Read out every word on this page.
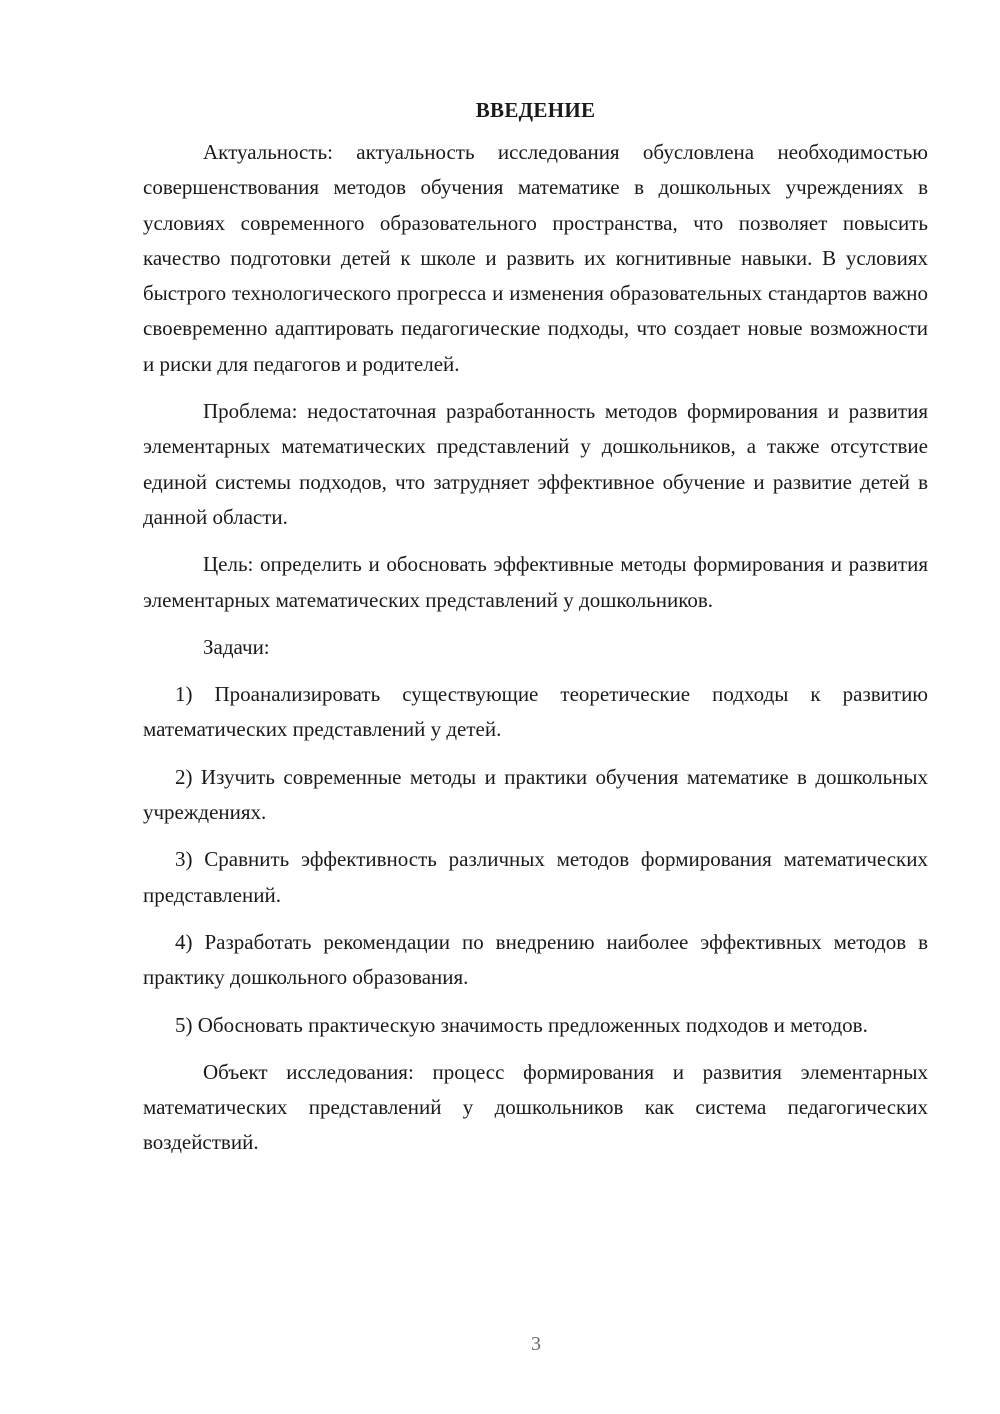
ВВЕДЕНИЕ

Актуальность: актуальность исследования обусловлена необходимостью совершенствования методов обучения математике в дошкольных учреждениях в условиях современного образовательного пространства, что позволяет повысить качество подготовки детей к школе и развить их когнитивные навыки. В условиях быстрого технологического прогресса и изменения образовательных стандартов важно своевременно адаптировать педагогические подходы, что создает новые возможности и риски для педагогов и родителей.

Проблема: недостаточная разработанность методов формирования и развития элементарных математических представлений у дошкольников, а также отсутствие единой системы подходов, что затрудняет эффективное обучение и развитие детей в данной области.

Цель: определить и обосновать эффективные методы формирования и развития элементарных математических представлений у дошкольников.

Задачи:

1) Проанализировать существующие теоретические подходы к развитию математических представлений у детей.

2) Изучить современные методы и практики обучения математике в дошкольных учреждениях.

3) Сравнить эффективность различных методов формирования математических представлений.

4) Разработать рекомендации по внедрению наиболее эффективных методов в практику дошкольного образования.

5) Обосновать практическую значимость предложенных подходов и методов.

Объект исследования: процесс формирования и развития элементарных математических представлений у дошкольников как система педагогических воздействий.

3
